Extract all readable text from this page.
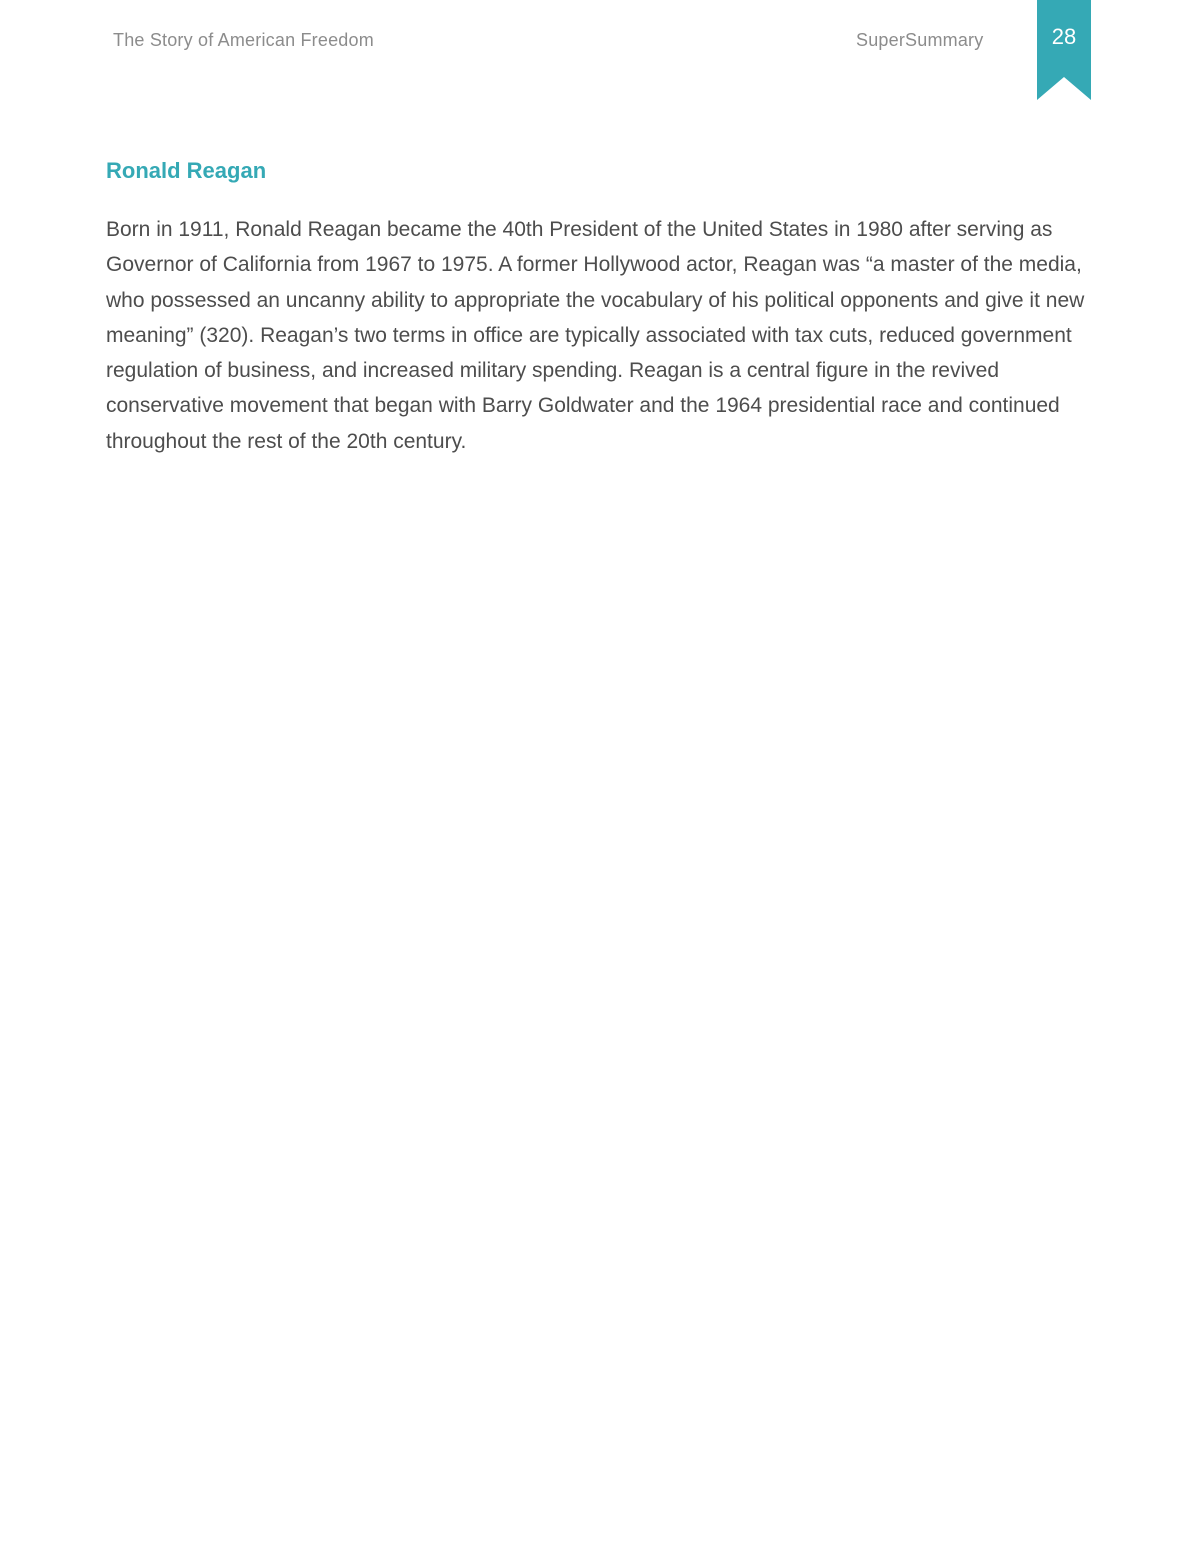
The Story of American Freedom	SuperSummary	28
Ronald Reagan

Born in 1911, Ronald Reagan became the 40th President of the United States in 1980 after serving as Governor of California from 1967 to 1975. A former Hollywood actor, Reagan was “a master of the media, who possessed an uncanny ability to appropriate the vocabulary of his political opponents and give it new meaning” (320). Reagan’s two terms in office are typically associated with tax cuts, reduced government regulation of business, and increased military spending. Reagan is a central figure in the revived conservative movement that began with Barry Goldwater and the 1964 presidential race and continued throughout the rest of the 20th century.
